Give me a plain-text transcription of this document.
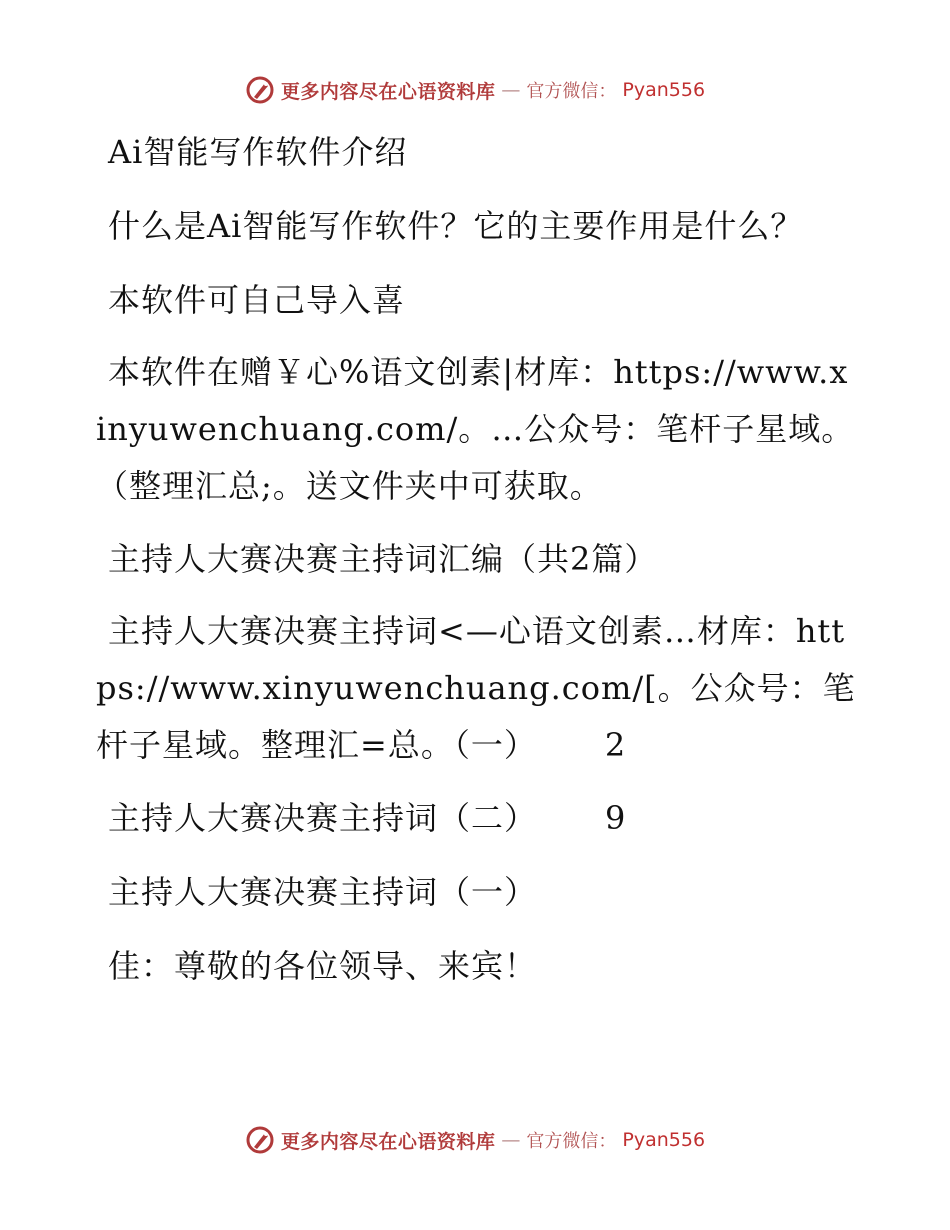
更多内容尽在心语资料库 — 官方微信： Pyan556

Ai智能写作软件介绍

什么是Ai智能写作软件？它的主要作用是什么？

本软件可自己导入喜

本软件在赠￥心%语文创素|材库：https://www.xinyuwenchuang.com/。…公众号：笔杆子星域。（整理汇总;。送文件夹中可获取。

主持人大赛决赛主持词汇编（共2篇）

主持人大赛决赛主持词<—心语文创素…材库：https://www.xinyuwenchuang.com/[。公众号：笔杆子星域。整理汇=总。（一） 2

主持人大赛决赛主持词（二） 9

主持人大赛决赛主持词（一）

佳：尊敬的各位领导、来宾！

更多内容尽在心语资料库 — 官方微信： Pyan556
